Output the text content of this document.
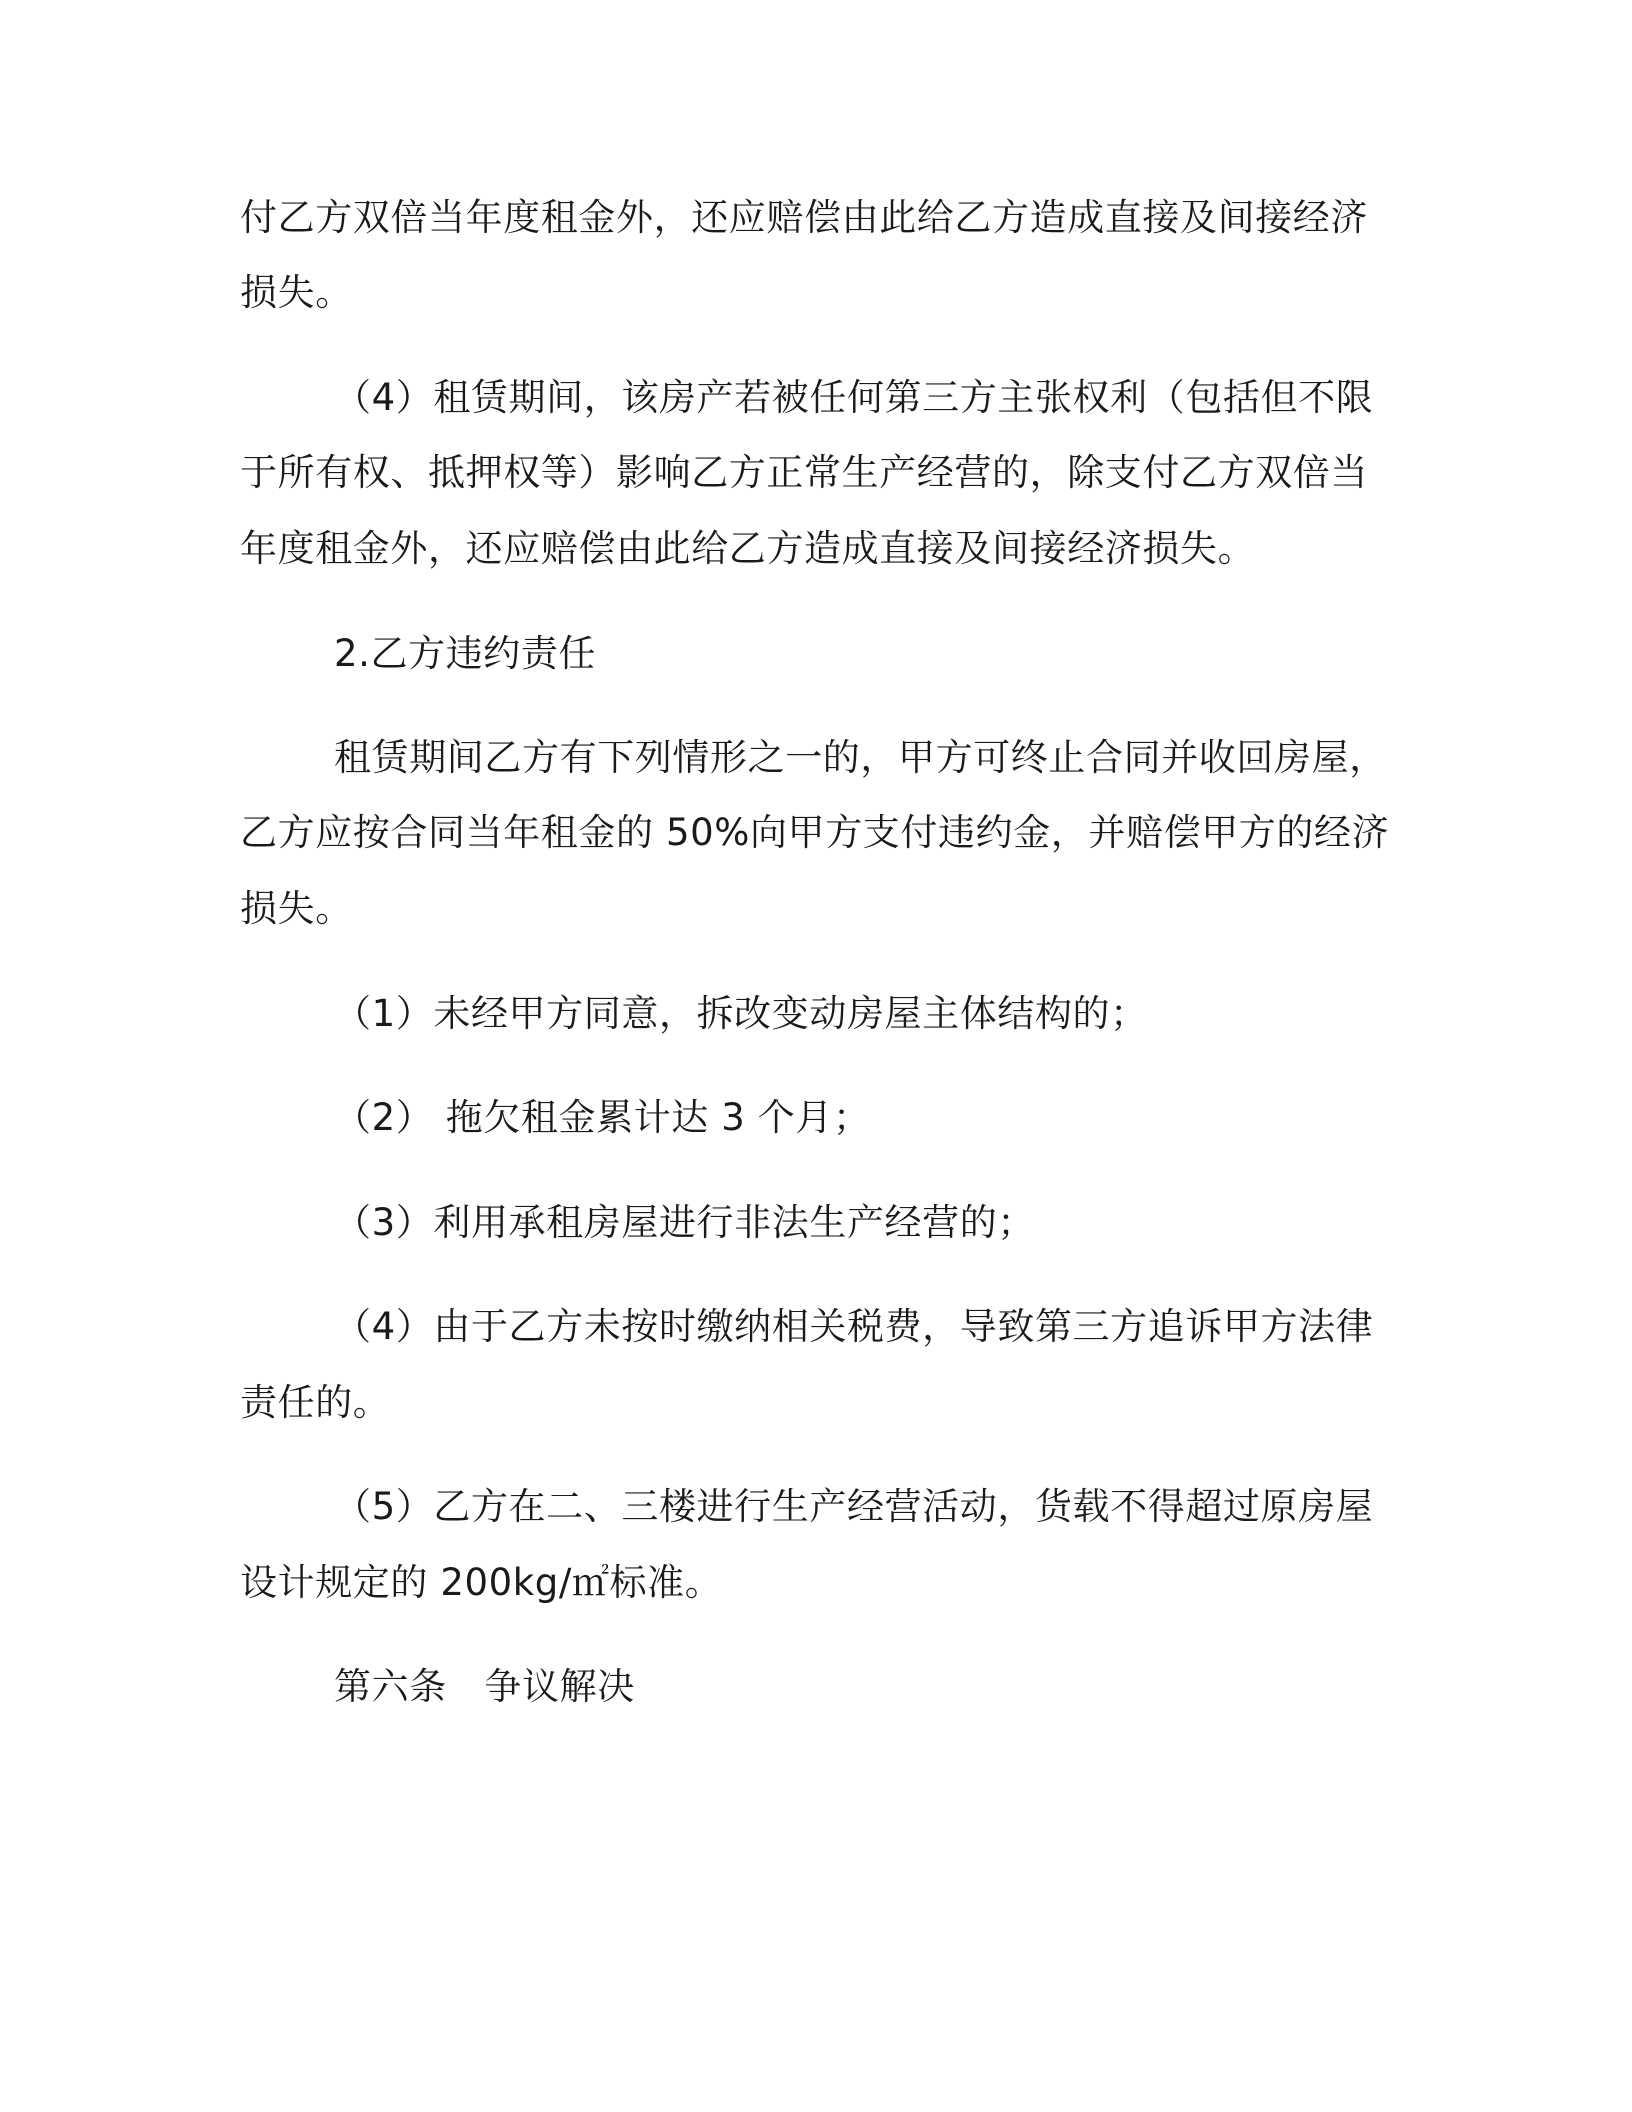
付乙方双倍当年度租金外，还应赔偿由此给乙方造成直接及间接经济
损失。
（4）租赁期间，该房产若被任何第三方主张权利（包括但不限
于所有权、抵押权等）影响乙方正常生产经营的，除支付乙方双倍当
年度租金外，还应赔偿由此给乙方造成直接及间接经济损失。
2.乙方违约责任
租赁期间乙方有下列情形之一的，甲方可终止合同并收回房屋，
乙方应按合同当年租金的 50%向甲方支付违约金，并赔偿甲方的经济
损失。
（1）未经甲方同意，拆改变动房屋主体结构的；
（2） 拖欠租金累计达 3 个月；
（3）利用承租房屋进行非法生产经营的；
（4）由于乙方未按时缴纳相关税费，导致第三方追诉甲方法律
责任的。
（5）乙方在二、三楼进行生产经营活动，货载不得超过原房屋
设计规定的 200kg/㎡标准。
第六条　争议解决
